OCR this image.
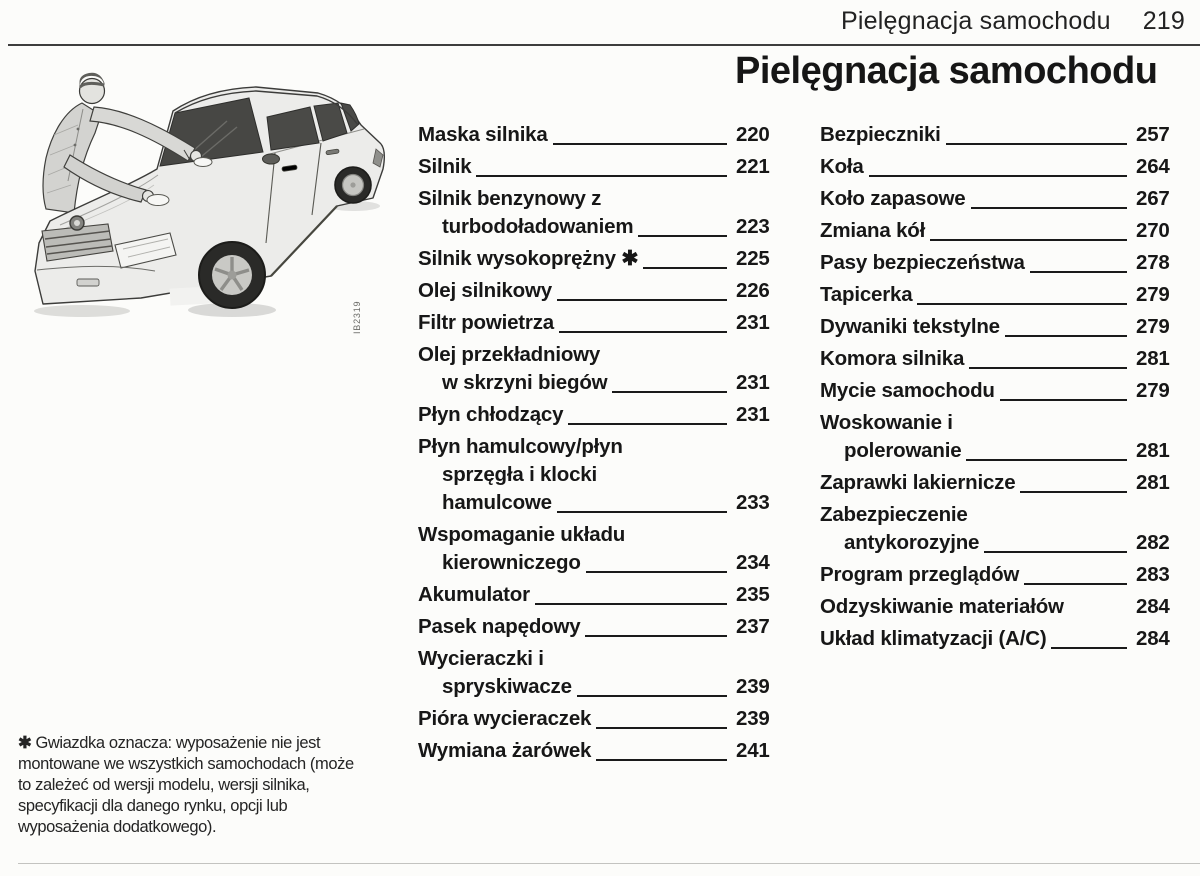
Pielęgnacja samochodu 219
Pielęgnacja samochodu
IB2319
Maska silnika	220
Silnik	221
Silnik benzynowy z
turbodoładowaniem	223
Silnik wysokoprężny ✱	225
Olej silnikowy	226
Filtr powietrza	231
Olej przekładniowy
w skrzyni biegów	231
Płyn chłodzący	231
Płyn hamulcowy/płyn
sprzęgła i klocki
hamulcowe	233
Wspomaganie układu
kierowniczego	234
Akumulator	235
Pasek napędowy	237
Wycieraczki i
spryskiwacze	239
Pióra wycieraczek	239
Wymiana żarówek	241
Bezpieczniki	257
Koła	264
Koło zapasowe	267
Zmiana kół	270
Pasy bezpieczeństwa	278
Tapicerka	279
Dywaniki tekstylne	279
Komora silnika	281
Mycie samochodu	279
Woskowanie i
polerowanie	281
Zaprawki lakiernicze	281
Zabezpieczenie
antykorozyjne	282
Program przeglądów	283
Odzyskiwanie materiałów	284
Układ klimatyzacji (A/C)	284
✱ Gwiazdka oznacza: wyposażenie nie jest montowane we wszystkich samochodach (może to zależeć od wersji modelu, wersji silnika, specyfikacji dla danego rynku, opcji lub wyposażenia dodatkowego).
